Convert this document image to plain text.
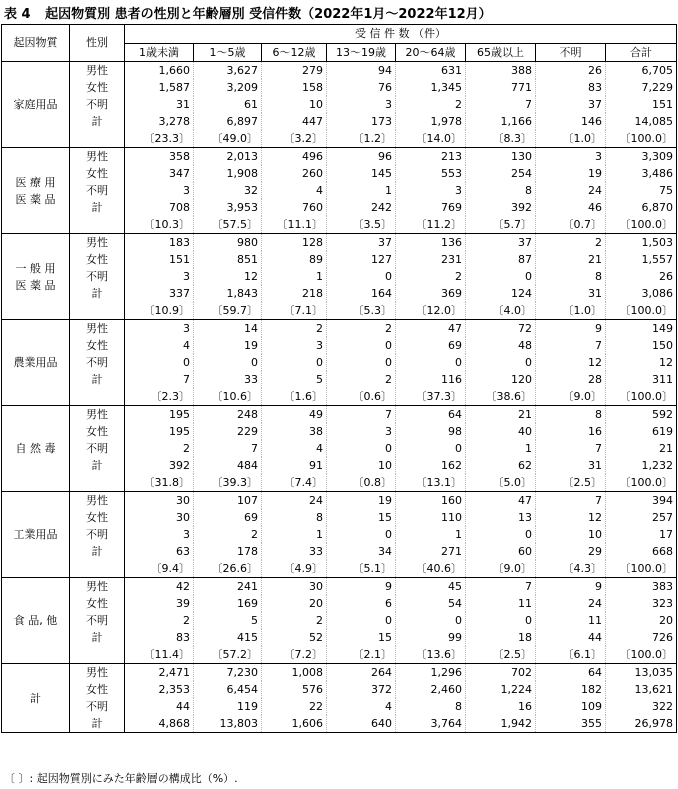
表 4 起因物質別 患者の性別と年齢層別 受信件数（2022年1月～2022年12月）
起因物質	性別	受 信 件 数 （件）							
		1歳未満	1～5歳	6～12歳	13～19歳	20～64歳	65歳以上	不明	合計
家庭用品	男性	1,660	3,627	279	94	631	388	26	6,705
	女性	1,587	3,209	158	76	1,345	771	83	7,229
	不明	31	61	10	3	2	7	37	151
	計	3,278	6,897	447	173	1,978	1,166	146	14,085
		〔23.3〕	〔49.0〕	〔3.2〕	〔1.2〕	〔14.0〕	〔8.3〕	〔1.0〕	〔100.0〕
医 療 用
医 薬 品	男性	358	2,013	496	96	213	130	3	3,309
	女性	347	1,908	260	145	553	254	19	3,486
	不明	3	32	4	1	3	8	24	75
	計	708	3,953	760	242	769	392	46	6,870
		〔10.3〕	〔57.5〕	〔11.1〕	〔3.5〕	〔11.2〕	〔5.7〕	〔0.7〕	〔100.0〕
一 般 用
医 薬 品	男性	183	980	128	37	136	37	2	1,503
	女性	151	851	89	127	231	87	21	1,557
	不明	3	12	1	0	2	0	8	26
	計	337	1,843	218	164	369	124	31	3,086
		〔10.9〕	〔59.7〕	〔7.1〕	〔5.3〕	〔12.0〕	〔4.0〕	〔1.0〕	〔100.0〕
農業用品	男性	3	14	2	2	47	72	9	149
	女性	4	19	3	0	69	48	7	150
	不明	0	0	0	0	0	0	12	12
	計	7	33	5	2	116	120	28	311
		〔2.3〕	〔10.6〕	〔1.6〕	〔0.6〕	〔37.3〕	〔38.6〕	〔9.0〕	〔100.0〕
自 然 毒	男性	195	248	49	7	64	21	8	592
	女性	195	229	38	3	98	40	16	619
	不明	2	7	4	0	0	1	7	21
	計	392	484	91	10	162	62	31	1,232
		〔31.8〕	〔39.3〕	〔7.4〕	〔0.8〕	〔13.1〕	〔5.0〕	〔2.5〕	〔100.0〕
工業用品	男性	30	107	24	19	160	47	7	394
	女性	30	69	8	15	110	13	12	257
	不明	3	2	1	0	1	0	10	17
	計	63	178	33	34	271	60	29	668
		〔9.4〕	〔26.6〕	〔4.9〕	〔5.1〕	〔40.6〕	〔9.0〕	〔4.3〕	〔100.0〕
食 品, 他	男性	42	241	30	9	45	7	9	383
	女性	39	169	20	6	54	11	24	323
	不明	2	5	2	0	0	0	11	20
	計	83	415	52	15	99	18	44	726
		〔11.4〕	〔57.2〕	〔7.2〕	〔2.1〕	〔13.6〕	〔2.5〕	〔6.1〕	〔100.0〕
計	男性	2,471	7,230	1,008	264	1,296	702	64	13,035
	女性	2,353	6,454	576	372	2,460	1,224	182	13,621
	不明	44	119	22	4	8	16	109	322
	計	4,868	13,803	1,606	640	3,764	1,942	355	26,978
〔 〕: 起因物質別にみた年齢層の構成比（%）.
